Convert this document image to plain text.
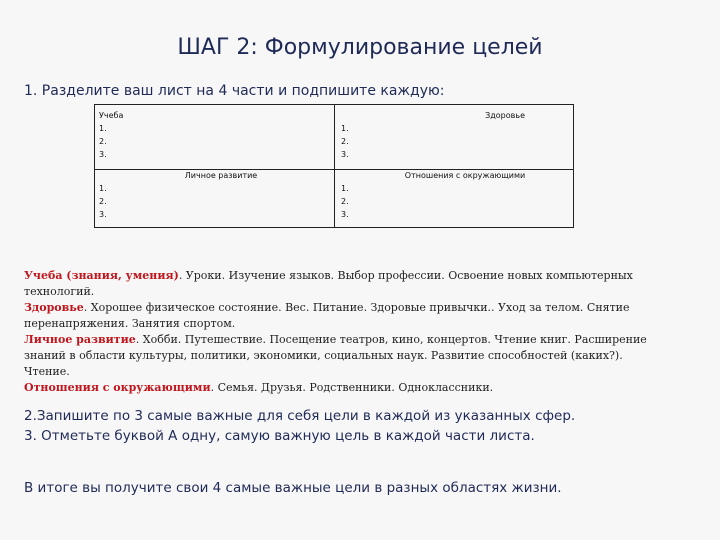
ШАГ 2: Формулирование целей
1. Разделите ваш лист на 4 части и подпишите каждую:
Учеба
1.
2.
3.
Здоровье
1.
2.
3.
Личное развитие
1.
2.
3.
Отношения с окружающими
1.
2.
3.
Учеба (знания, умения). Уроки. Изучение языков. Выбор профессии. Освоение новых компьютерных технологий.
Здоровье. Хорошее физическое состояние. Вес. Питание. Здоровые привычки.. Уход за телом. Снятие перенапряжения. Занятия спортом.
Личное развитие. Хобби. Путешествие. Посещение театров, кино, концертов. Чтение книг. Расширение знаний в области культуры, политики, экономики, социальных наук. Развитие способностей (каких?). Чтение.
Отношения с окружающими. Семья. Друзья. Родственники. Одноклассники.
2.Запишите по 3 самые важные для себя цели в каждой из указанных сфер.
3. Отметьте буквой А одну, самую важную цель в каждой части листа.
В итоге вы получите свои 4 самые важные цели в разных областях жизни.
